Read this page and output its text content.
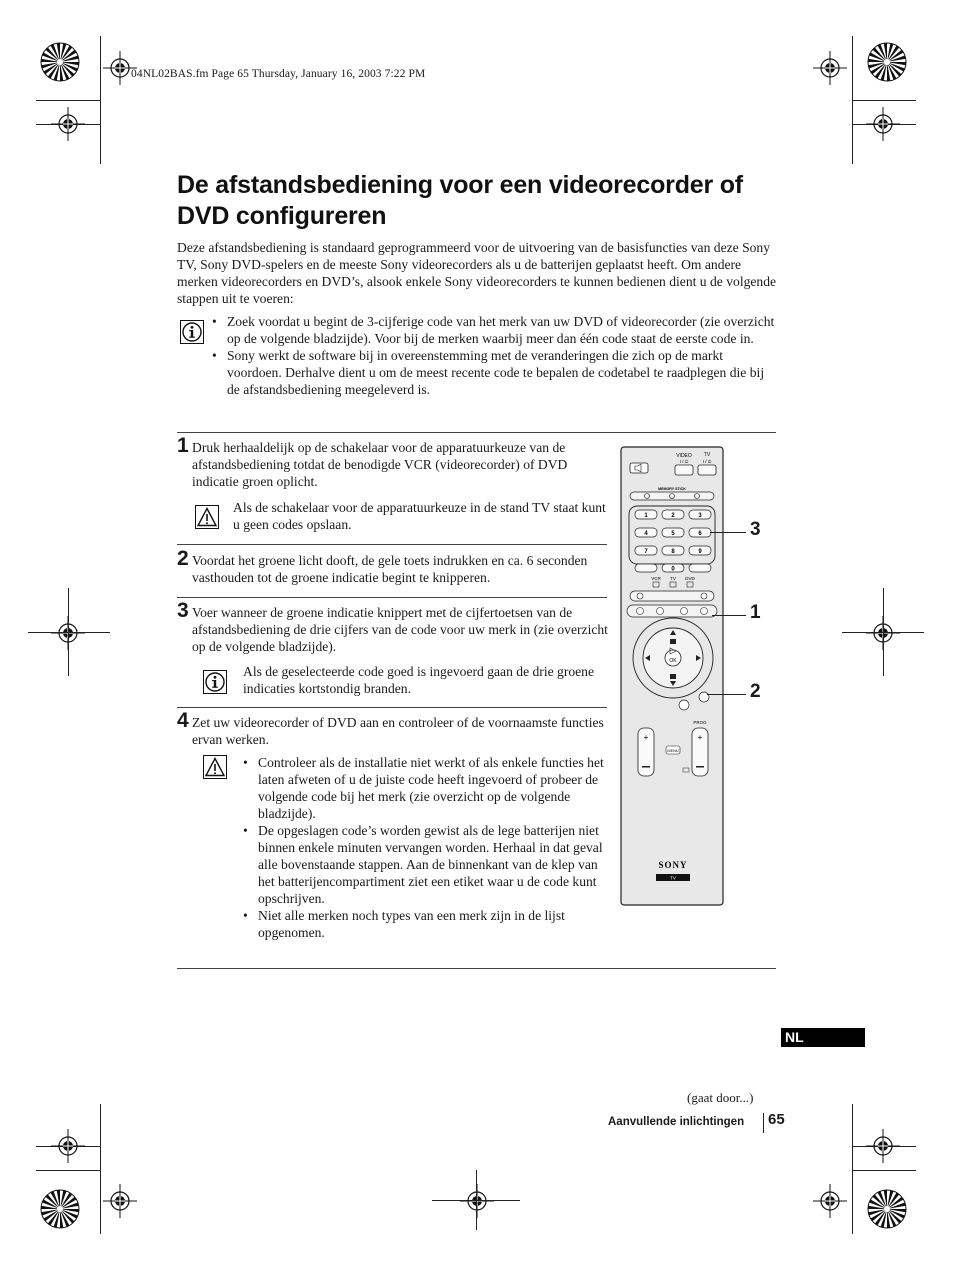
04NL02BAS.fm Page 65 Thursday, January 16, 2003 7:22 PM
De afstandsbediening voor een videorecorder of DVD configureren

Deze afstandsbediening is standaard geprogrammeerd voor de uitvoering van de basisfuncties van deze Sony TV, Sony DVD-spelers en de meeste Sony videorecorders als u de batterijen geplaatst heeft. Om andere merken videorecorders en DVD’s, alsook enkele Sony videorecorders te kunnen bedienen dient u de volgende stappen uit te voeren:

• Zoek voordat u begint de 3-cijferige code van het merk van uw DVD of videorecorder (zie overzicht op de volgende bladzijde). Voor bij de merken waarbij meer dan één code staat de eerste code in.
• Sony werkt de software bij in overeenstemming met de veranderingen die zich op de markt voordoen. Derhalve dient u om de meest recente code te bepalen de codetabel te raadplegen die bij de afstandsbediening meegeleverd is.
1 Druk herhaaldelijk op de schakelaar voor de apparatuurkeuze van de afstandsbediening totdat de benodigde VCR (videorecorder) of DVD indicatie groen oplicht.

Als de schakelaar voor de apparatuurkeuze in de stand TV staat kunt u geen codes opslaan.

2 Voordat het groene licht dooft, de gele toets indrukken en ca. 6 seconden vasthouden tot de groene indicatie begint te knipperen.

3 Voer wanneer de groene indicatie knippert met de cijfertoetsen van de afstandsbediening de drie cijfers van de code voor uw merk in (zie overzicht op de volgende bladzijde).

Als de geselecteerde code goed is ingevoerd gaan de drie groene indicaties kortstondig branden.

4 Zet uw videorecorder of DVD aan en controleer of de voornaamste functies ervan werken.

• Controleer als de installatie niet werkt of als enkele functies het laten afweten of u de juiste code heeft ingevoerd of probeer de volgende code bij het merk (zie overzicht op de volgende bladzijde).
• De opgeslagen code’s worden gewist als de lege batterijen niet binnen enkele minuten vervangen worden. Herhaal in dat geval alle bovenstaande stappen. Aan de binnenkant van de klep van het batterijencompartiment ziet een etiket waar u de code kunt opschrijven.
• Niet alle merken noch types van een merk zijn in de lijst opgenomen.
VIDEO
I / ⏻
TV
I / ⏻
MEMORY STICK
1	2	3
4	5	6
7	8	9
0
VCR TV DVD
OK
PROG
+	+
MENU
SONY
TV
3
1
2
NL
(gaat door...)
Aanvullende inlichtingen 65
